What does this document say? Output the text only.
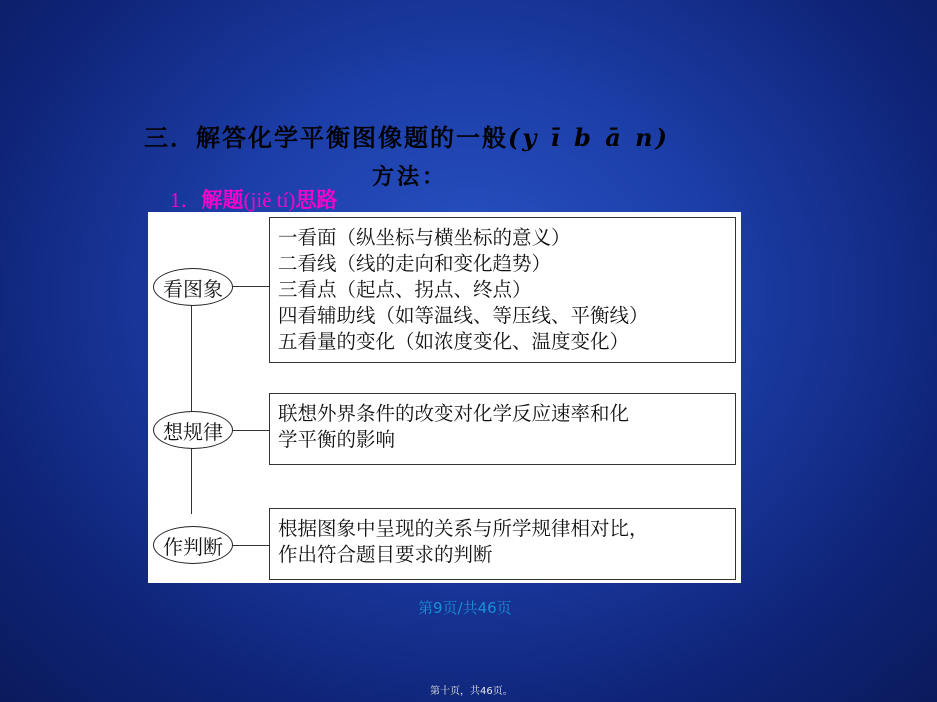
三．解答化学平衡图像题的一般(y ī b ā n)
方法：
1．解题(jiě tí)思路
看图象
一看面（纵坐标与横坐标的意义）
二看线（线的走向和变化趋势）
三看点（起点、拐点、终点）
四看辅助线（如等温线、等压线、平衡线）
五看量的变化（如浓度变化、温度变化）
想规律
联想外界条件的改变对化学反应速率和化
学平衡的影响
作判断
根据图象中呈现的关系与所学规律相对比，
作出符合题目要求的判断
第9页/共46页
第十页，共46页。
